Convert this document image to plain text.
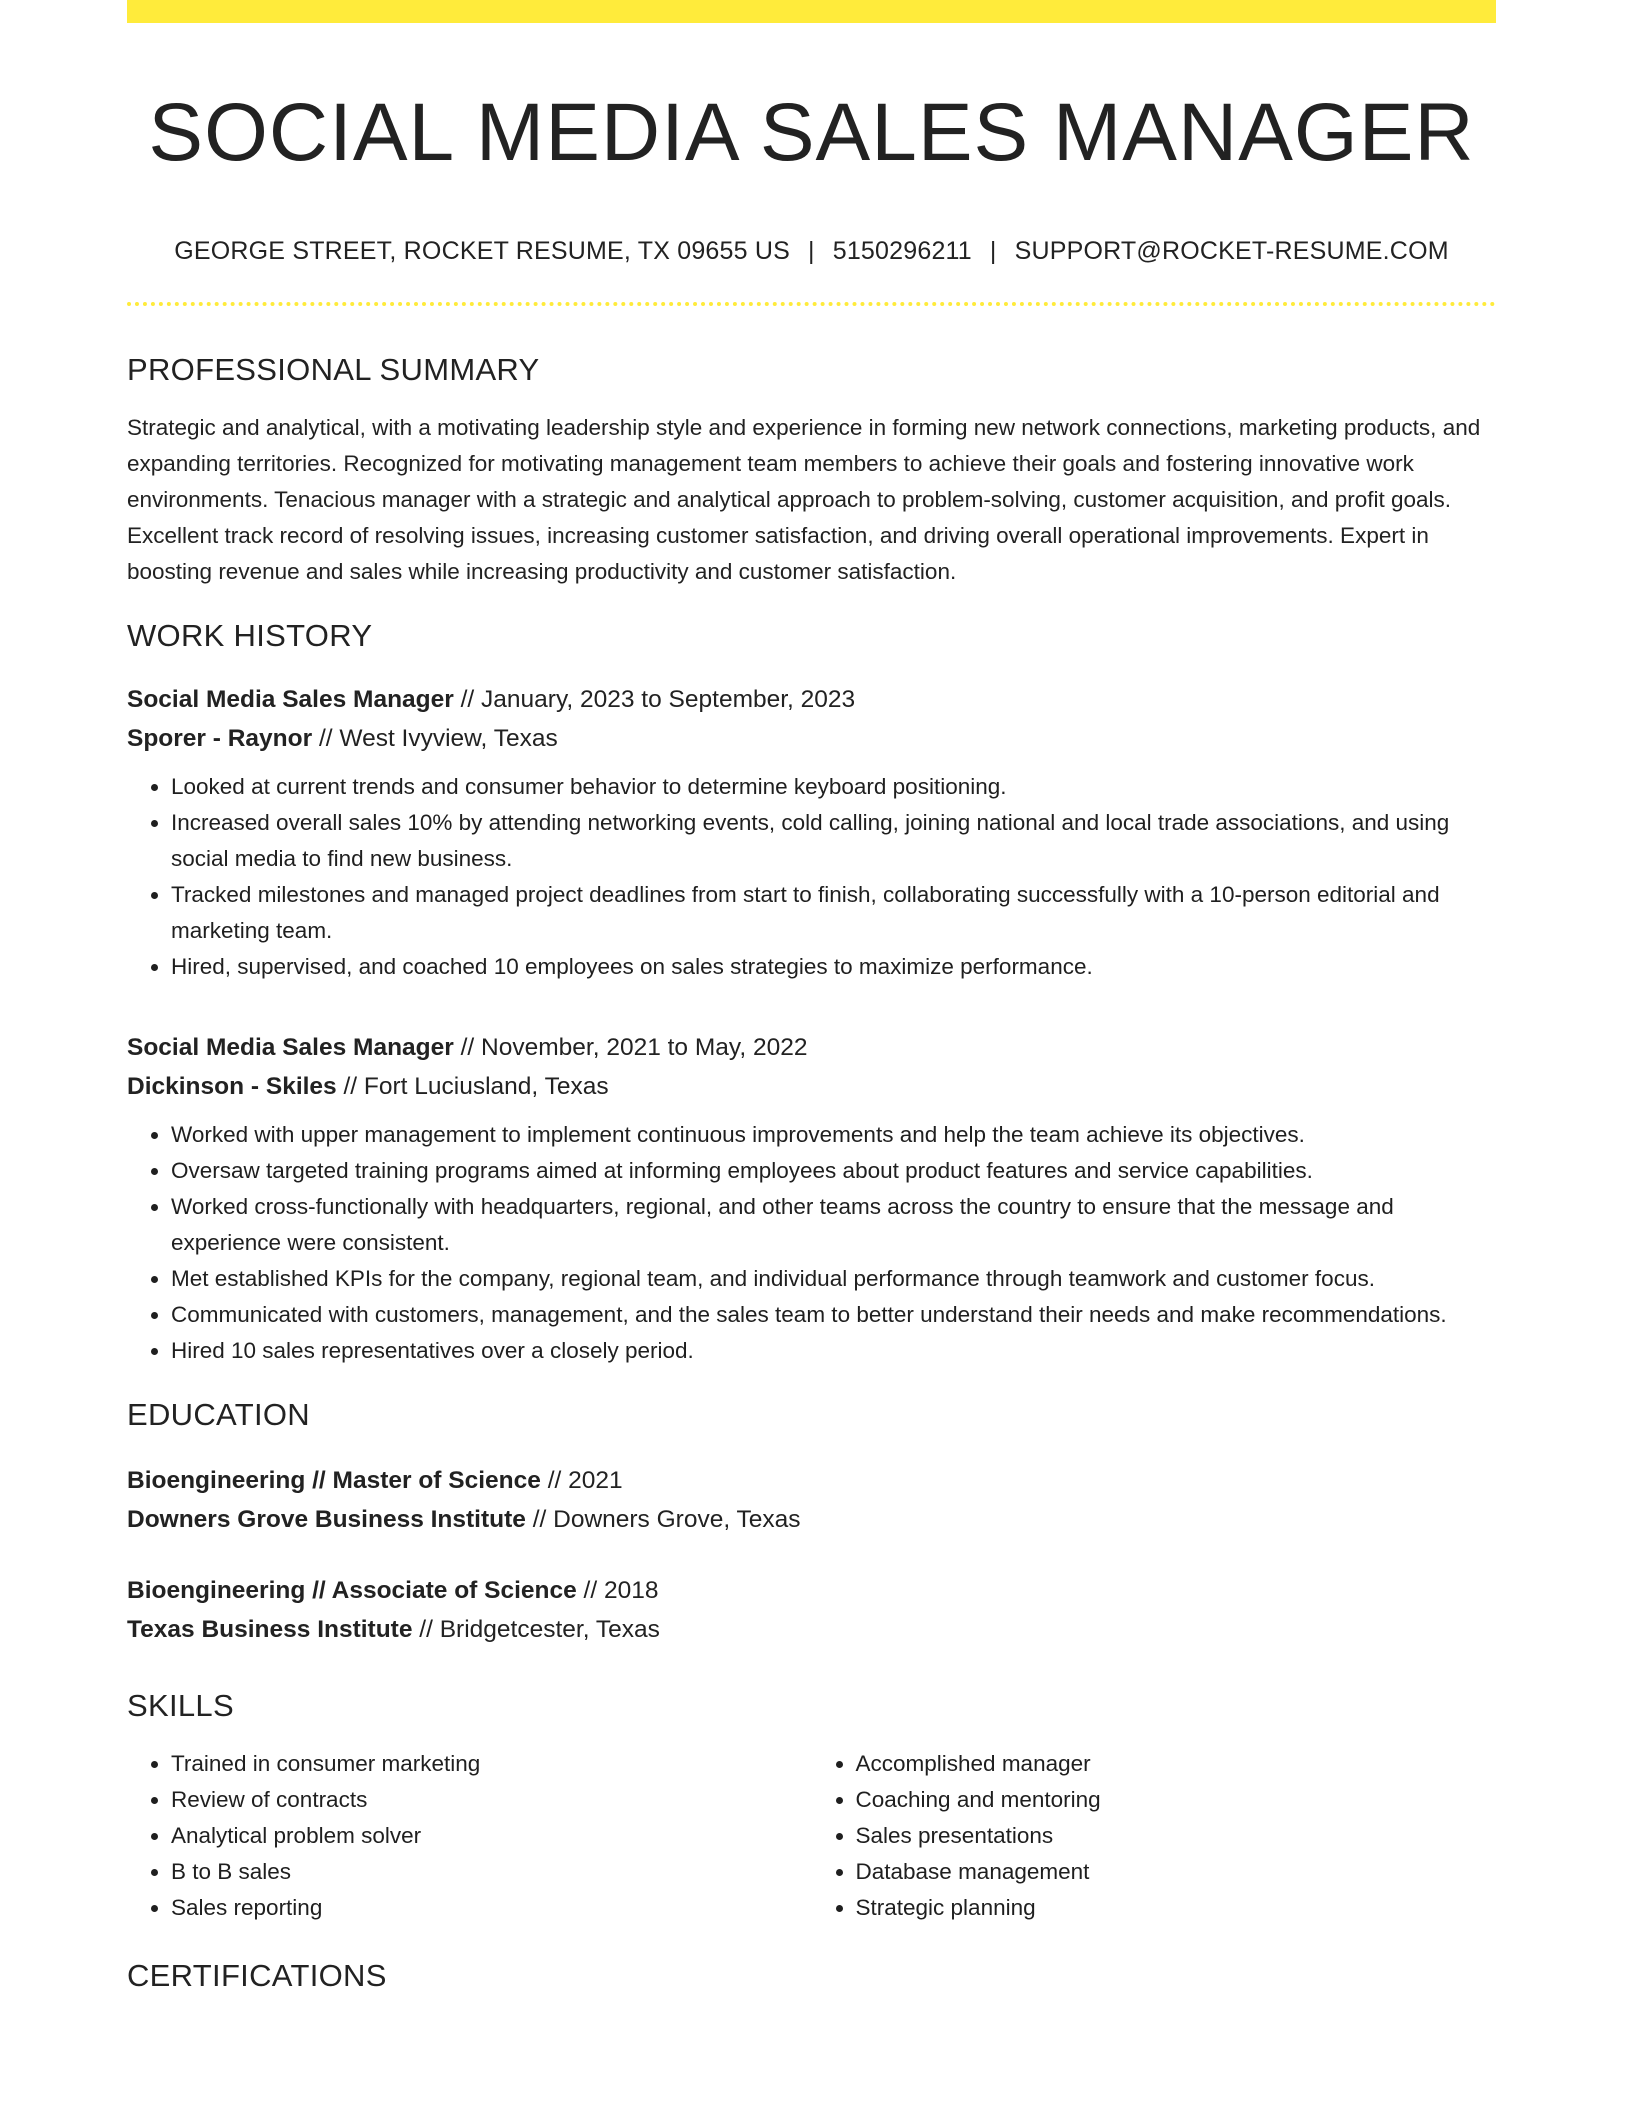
SOCIAL MEDIA SALES MANAGER
GEORGE STREET, ROCKET RESUME, TX 09655 US | 5150296211 | SUPPORT@ROCKET-RESUME.COM
PROFESSIONAL SUMMARY
Strategic and analytical, with a motivating leadership style and experience in forming new network connections, marketing products, and expanding territories. Recognized for motivating management team members to achieve their goals and fostering innovative work environments. Tenacious manager with a strategic and analytical approach to problem-solving, customer acquisition, and profit goals. Excellent track record of resolving issues, increasing customer satisfaction, and driving overall operational improvements. Expert in boosting revenue and sales while increasing productivity and customer satisfaction.
WORK HISTORY
Social Media Sales Manager // January, 2023 to September, 2023
Sporer - Raynor // West Ivyview, Texas
• Looked at current trends and consumer behavior to determine keyboard positioning.
• Increased overall sales 10% by attending networking events, cold calling, joining national and local trade associations, and using social media to find new business.
• Tracked milestones and managed project deadlines from start to finish, collaborating successfully with a 10-person editorial and marketing team.
• Hired, supervised, and coached 10 employees on sales strategies to maximize performance.
Social Media Sales Manager // November, 2021 to May, 2022
Dickinson - Skiles // Fort Luciusland, Texas
• Worked with upper management to implement continuous improvements and help the team achieve its objectives.
• Oversaw targeted training programs aimed at informing employees about product features and service capabilities.
• Worked cross-functionally with headquarters, regional, and other teams across the country to ensure that the message and experience were consistent.
• Met established KPIs for the company, regional team, and individual performance through teamwork and customer focus.
• Communicated with customers, management, and the sales team to better understand their needs and make recommendations.
• Hired 10 sales representatives over a closely period.
EDUCATION
Bioengineering // Master of Science // 2021
Downers Grove Business Institute // Downers Grove, Texas
Bioengineering // Associate of Science // 2018
Texas Business Institute // Bridgetcester, Texas
SKILLS
• Trained in consumer marketing
• Review of contracts
• Analytical problem solver
• B to B sales
• Sales reporting
• Accomplished manager
• Coaching and mentoring
• Sales presentations
• Database management
• Strategic planning
CERTIFICATIONS
